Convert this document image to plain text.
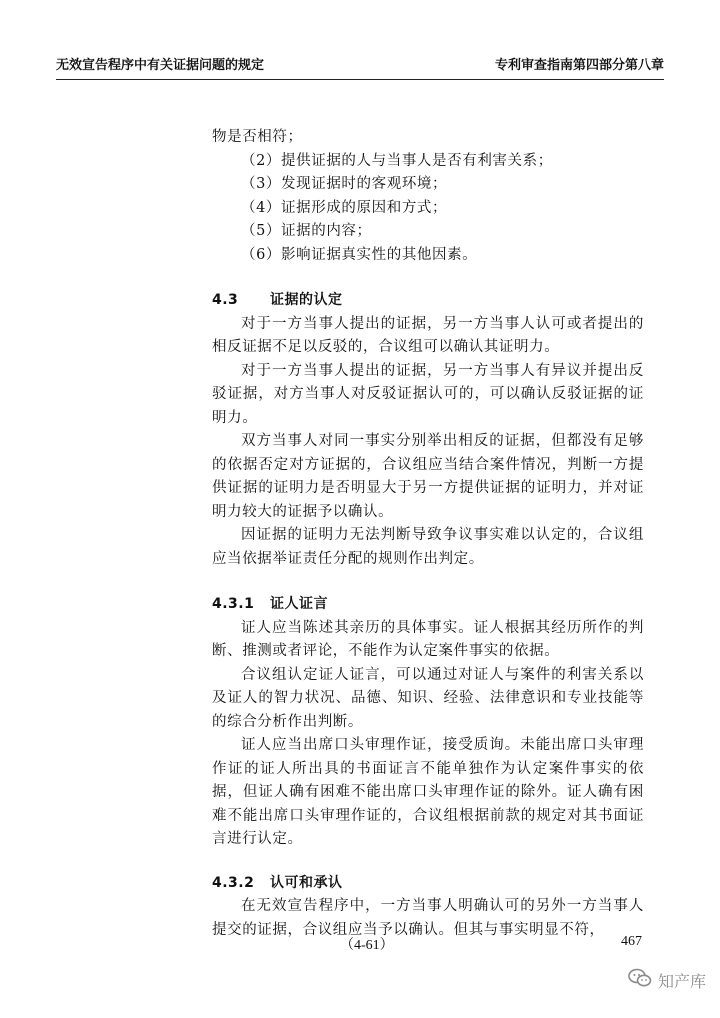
无效宣告程序中有关证据问题的规定	专利审查指南第四部分第八章

物是否相符；

（2）提供证据的人与当事人是否有利害关系；

（3）发现证据时的客观环境；

（4）证据形成的原因和方式；

（5）证据的内容；

（6）影响证据真实性的其他因素。

4.3 证据的认定

对于一方当事人提出的证据，另一方当事人认可或者提出的相反证据不足以反驳的，合议组可以确认其证明力。

对于一方当事人提出的证据，另一方当事人有异议并提出反驳证据，对方当事人对反驳证据认可的，可以确认反驳证据的证明力。

双方当事人对同一事实分别举出相反的证据，但都没有足够的依据否定对方证据的，合议组应当结合案件情况，判断一方提供证据的证明力是否明显大于另一方提供证据的证明力，并对证明力较大的证据予以确认。

因证据的证明力无法判断导致争议事实难以认定的，合议组应当依据举证责任分配的规则作出判定。

4.3.1 证人证言

证人应当陈述其亲历的具体事实。证人根据其经历所作的判断、推测或者评论，不能作为认定案件事实的依据。

合议组认定证人证言，可以通过对证人与案件的利害关系以及证人的智力状况、品德、知识、经验、法律意识和专业技能等的综合分析作出判断。

证人应当出席口头审理作证，接受质询。未能出席口头审理作证的证人所出具的书面证言不能单独作为认定案件事实的依据，但证人确有困难不能出席口头审理作证的除外。证人确有困难不能出席口头审理作证的，合议组根据前款的规定对其书面证言进行认定。

4.3.2 认可和承认

在无效宣告程序中，一方当事人明确认可的另外一方当事人提交的证据，合议组应当予以确认。但其与事实明显不符，

（4-61）	467
知产库
